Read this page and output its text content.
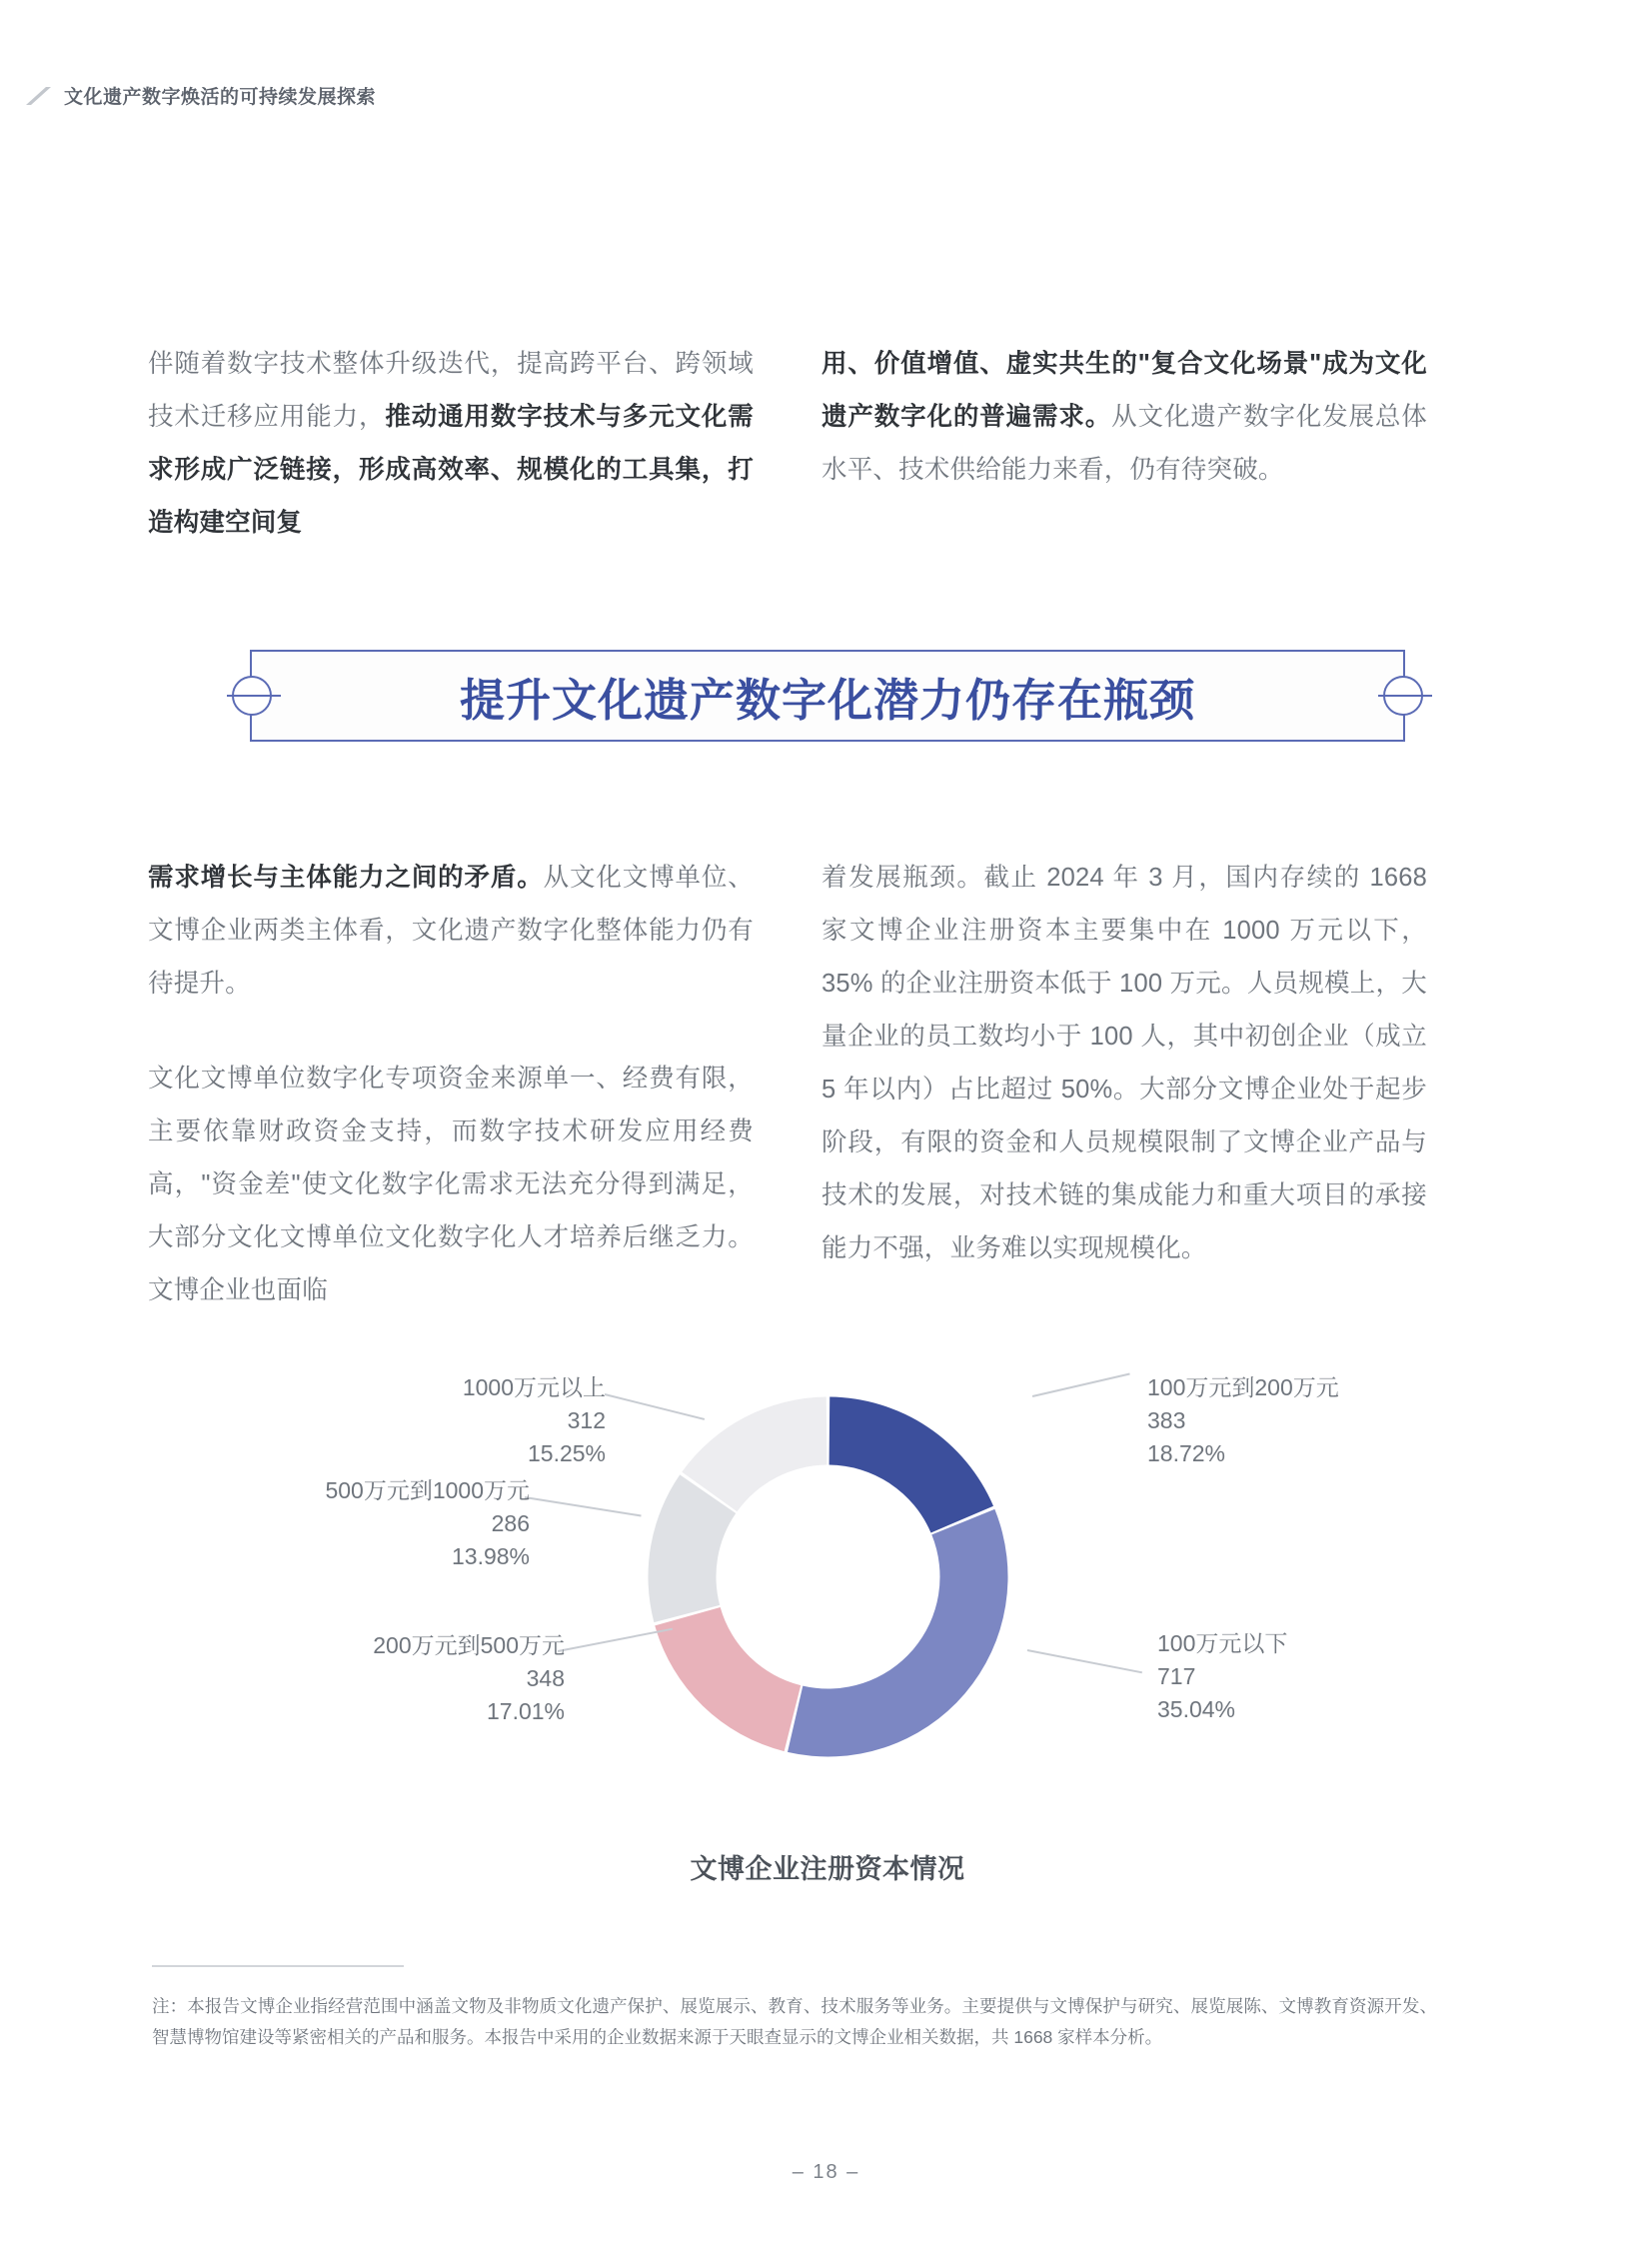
文化遗产数字焕活的可持续发展探索

伴随着数字技术整体升级迭代，提高跨平台、跨领域技术迁移应用能力，推动通用数字技术与多元文化需求形成广泛链接，形成高效率、规模化的工具集，打造构建空间复

用、价值增值、虚实共生的"复合文化场景"成为文化遗产数字化的普遍需求。从文化遗产数字化发展总体水平、技术供给能力来看，仍有待突破。

提升文化遗产数字化潜力仍存在瓶颈

需求增长与主体能力之间的矛盾。从文化文博单位、文博企业两类主体看，文化遗产数字化整体能力仍有待提升。

文化文博单位数字化专项资金来源单一、经费有限，主要依靠财政资金支持，而数字技术研发应用经费高，"资金差"使文化数字化需求无法充分得到满足，大部分文化文博单位文化数字化人才培养后继乏力。文博企业也面临

着发展瓶颈。截止 2024 年 3 月，国内存续的 1668 家文博企业注册资本主要集中在 1000 万元以下，35% 的企业注册资本低于 100 万元。人员规模上，大量企业的员工数均小于 100 人，其中初创企业（成立 5 年以内）占比超过 50%。大部分文博企业处于起步阶段，有限的资金和人员规模限制了文博企业产品与技术的发展，对技术链的集成能力和重大项目的承接能力不强，业务难以实现规模化。

1000万元以上
312
15.25%
500万元到1000万元
286
13.98%
200万元到500万元
348
17.01%
100万元到200万元
383
18.72%
100万元以下
717
35.04%
文博企业注册资本情况
注：本报告文博企业指经营范围中涵盖文物及非物质文化遗产保护、展览展示、教育、技术服务等业务。主要提供与文博保护与研究、展览展陈、文博教育资源开发、智慧博物馆建设等紧密相关的产品和服务。本报告中采用的企业数据来源于天眼查显示的文博企业相关数据，共 1668 家样本分析。
– 18 –
